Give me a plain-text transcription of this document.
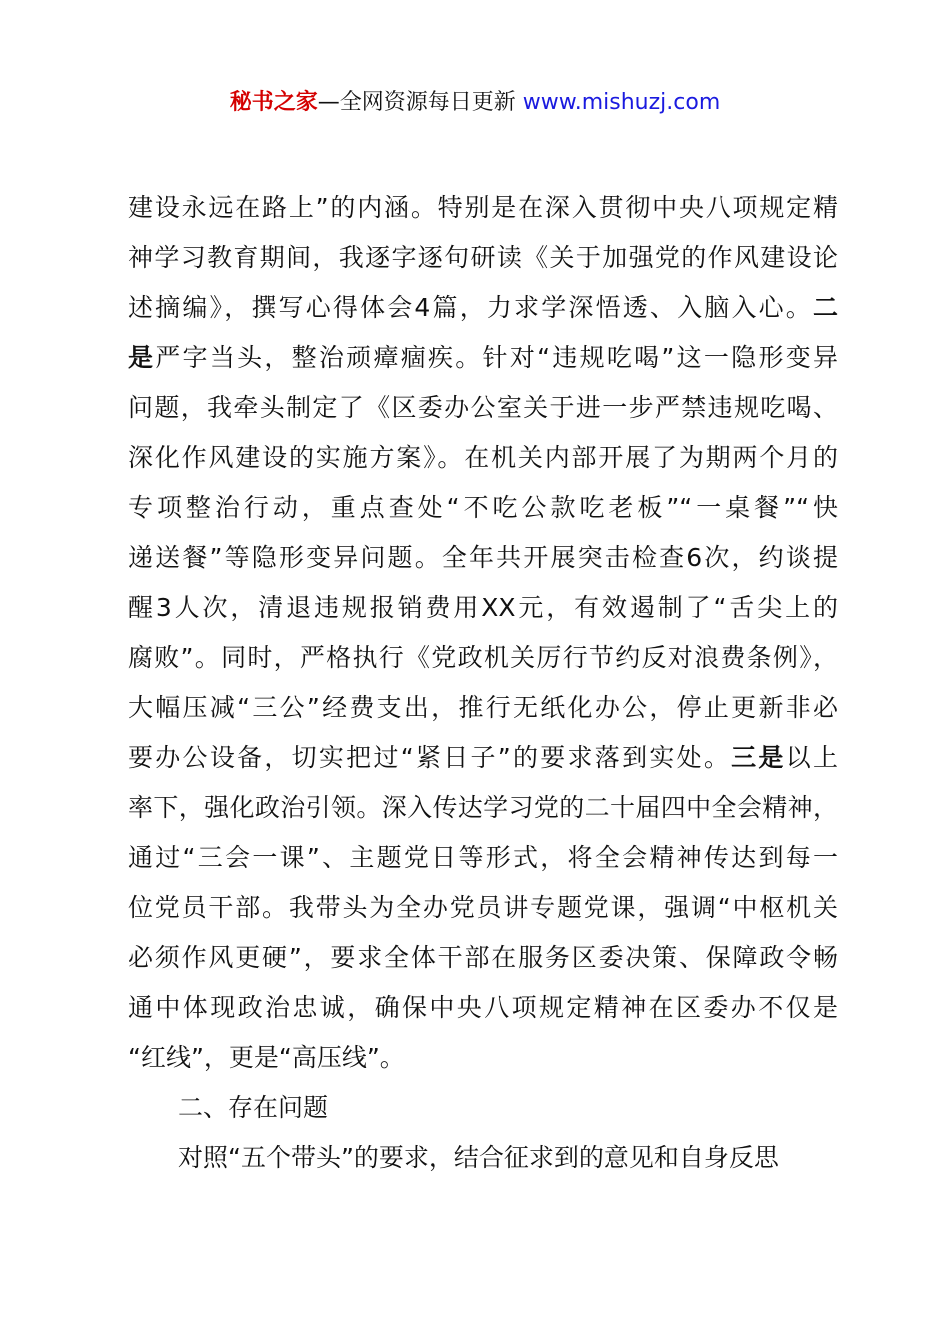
秘书之家—全网资源每日更新 www.mishuzj.com
建设永远在路上”的内涵。特别是在深入贯彻中央八项规定精
神学习教育期间，我逐字逐句研读《关于加强党的作风建设论
述摘编》，撰写心得体会4篇，力求学深悟透、入脑入心。二
是严字当头，整治顽瘴痼疾。针对“违规吃喝”这一隐形变异
问题，我牵头制定了《区委办公室关于进一步严禁违规吃喝、
深化作风建设的实施方案》。在机关内部开展了为期两个月的
专项整治行动，重点查处“不吃公款吃老板”“一桌餐”“快
递送餐”等隐形变异问题。全年共开展突击检查6次，约谈提
醒3人次，清退违规报销费用XX元，有效遏制了“舌尖上的
腐败”。同时，严格执行《党政机关厉行节约反对浪费条例》，
大幅压减“三公”经费支出，推行无纸化办公，停止更新非必
要办公设备，切实把过“紧日子”的要求落到实处。三是以上
率下，强化政治引领。深入传达学习党的二十届四中全会精神，
通过“三会一课”、主题党日等形式，将全会精神传达到每一
位党员干部。我带头为全办党员讲专题党课，强调“中枢机关
必须作风更硬”，要求全体干部在服务区委决策、保障政令畅
通中体现政治忠诚，确保中央八项规定精神在区委办不仅是
“红线”，更是“高压线”。
二、存在问题
对照“五个带头”的要求，结合征求到的意见和自身反思
